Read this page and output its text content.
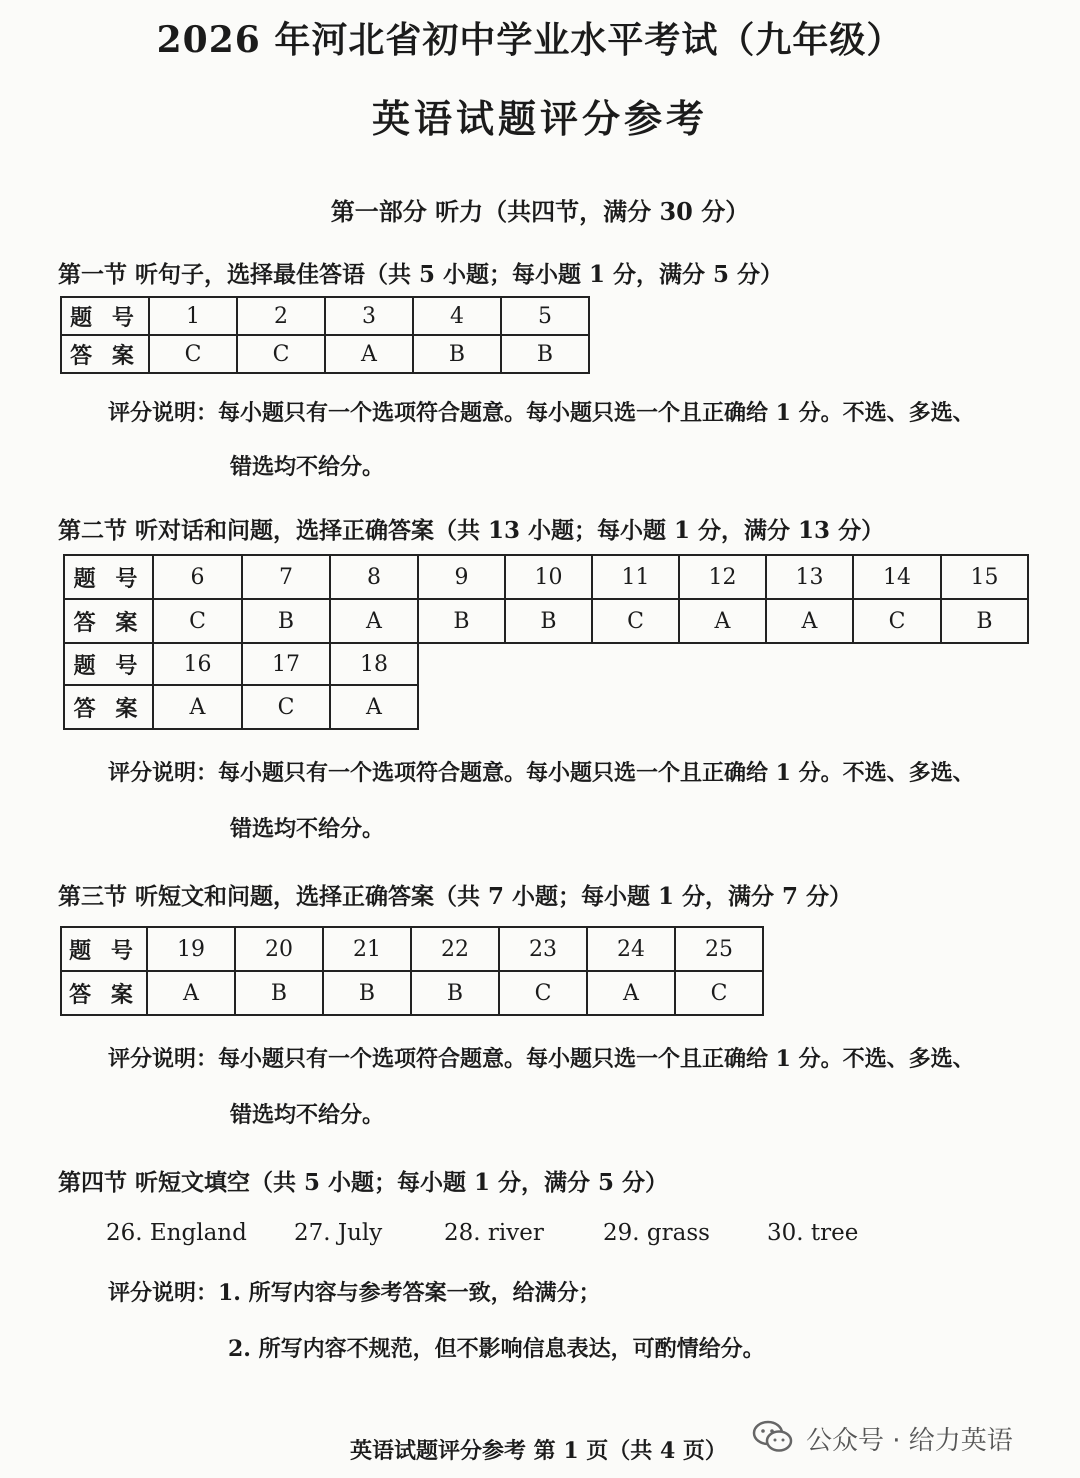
2026 年河北省初中学业水平考试（九年级）
英语试题评分参考
第一部分 听力（共四节，满分 30 分）
第一节 听句子，选择最佳答语（共 5 小题；每小题 1 分，满分 5 分）
题 号	1	2	3	4	5
答 案	C	C	A	B	B
评分说明：每小题只有一个选项符合题意。每小题只选一个且正确给 1 分。不选、多选、
错选均不给分。
第二节 听对话和问题，选择正确答案（共 13 小题；每小题 1 分，满分 13 分）
题 号	6	7	8	9	10	11	12	13	14	15
答 案	C	B	A	B	B	C	A	A	C	B
题 号	16	17	18
答 案	A	C	A
评分说明：每小题只有一个选项符合题意。每小题只选一个且正确给 1 分。不选、多选、
错选均不给分。
第三节 听短文和问题，选择正确答案（共 7 小题；每小题 1 分，满分 7 分）
题 号	19	20	21	22	23	24	25
答 案	A	B	B	B	C	A	C
评分说明：每小题只有一个选项符合题意。每小题只选一个且正确给 1 分。不选、多选、
错选均不给分。
第四节 听短文填空（共 5 小题；每小题 1 分，满分 5 分）
26. England 27. July	28. river	29. grass 30. tree
评分说明：1. 所写内容与参考答案一致，给满分；
2. 所写内容不规范，但不影响信息表达，可酌情给分。
英语试题评分参考 第 1 页（共 4 页）	公众号 · 给力英语
